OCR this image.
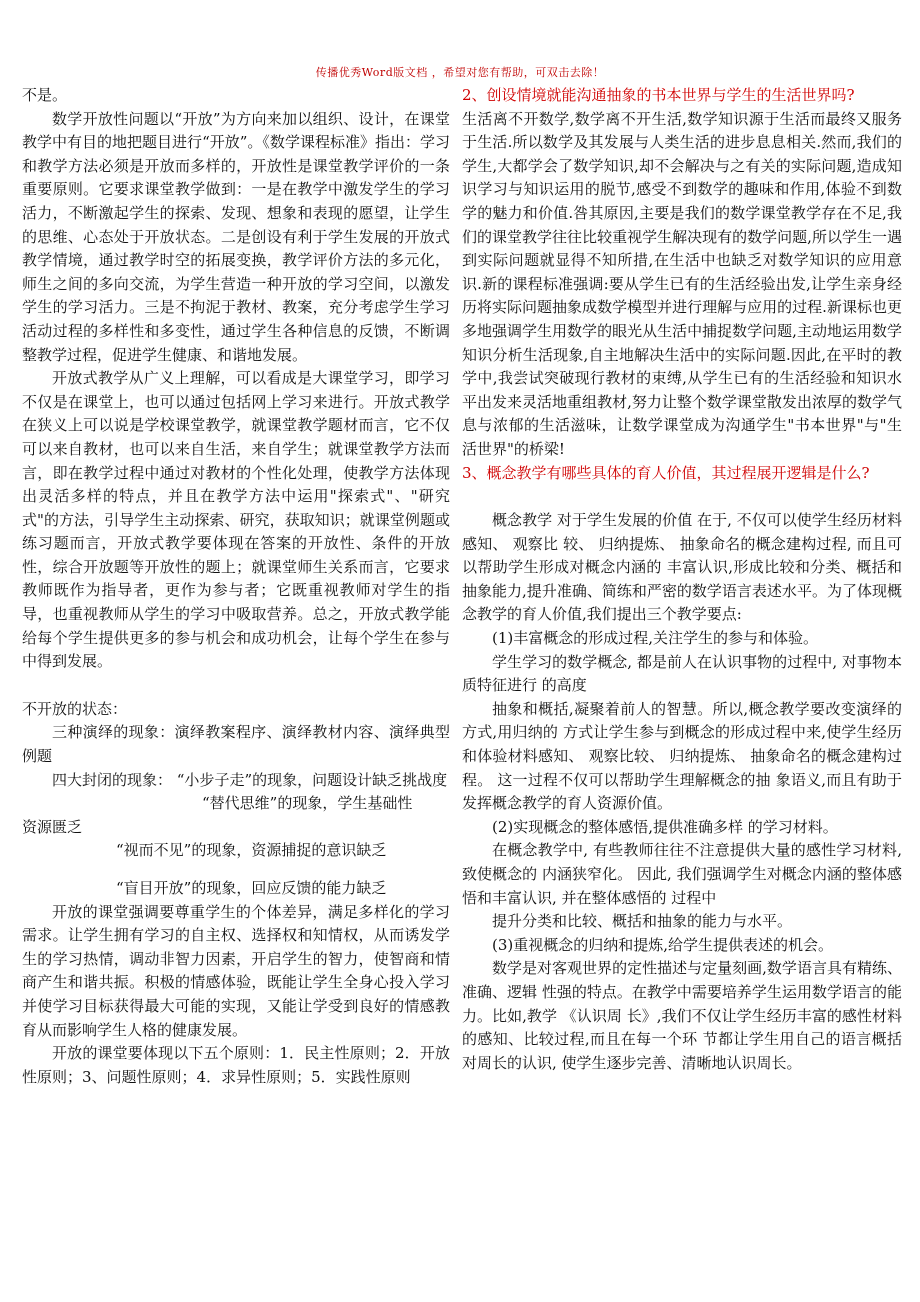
传播优秀Word版文档 ，希望对您有帮助，可双击去除！

不是。

数学开放性问题以“开放”为方向来加以组织、设计，在课堂教学中有目的地把题目进行“开放”。《数学课程标准》指出：学习和教学方法必须是开放而多样的，开放性是课堂教学评价的一条重要原则。它要求课堂教学做到：一是在教学中激发学生的学习活力，不断激起学生的探索、发现、想象和表现的愿望，让学生的思维、心态处于开放状态。二是创设有利于学生发展的开放式教学情境，通过教学时空的拓展变换，教学评价方法的多元化，师生之间的多向交流，为学生营造一种开放的学习空间，以激发学生的学习活力。三是不拘泥于教材、教案，充分考虑学生学习活动过程的多样性和多变性，通过学生各种信息的反馈，不断调整教学过程，促进学生健康、和谐地发展。

开放式教学从广义上理解，可以看成是大课堂学习，即学习不仅是在课堂上，也可以通过包括网上学习来进行。开放式教学在狭义上可以说是学校课堂教学，就课堂教学题材而言，它不仅可以来自教材，也可以来自生活，来自学生；就课堂教学方法而言，即在教学过程中通过对教材的个性化处理，使教学方法体现出灵活多样的特点，并且在教学方法中运用"探索式"、"研究式"的方法，引导学生主动探索、研究，获取知识；就课堂例题或练习题而言，开放式教学要体现在答案的开放性、条件的开放性，综合开放题等开放性的题上；就课堂师生关系而言，它要求教师既作为指导者，更作为参与者；它既重视教师对学生的指导，也重视教师从学生的学习中吸取营养。总之，开放式教学能给每个学生提供更多的参与机会和成功机会，让每个学生在参与中得到发展。

不开放的状态：

三种演绎的现象：演绎教案程序、演绎教材内容、演绎典型例题

四大封闭的现象： “小步子走”的现象，问题设计缺乏挑战度

“替代思维”的现象，学生基础性

资源匮乏

“视而不见”的现象，资源捕捉的意识缺乏

“盲目开放”的现象，回应反馈的能力缺乏

开放的课堂强调要尊重学生的个体差异，满足多样化的学习需求。让学生拥有学习的自主权、选择权和知情权，从而诱发学生的学习热情，调动非智力因素，开启学生的智力，使智商和情商产生和谐共振。积极的情感体验，既能让学生全身心投入学习并使学习目标获得最大可能的实现，又能让学受到良好的情感教育从而影响学生人格的健康发展。

开放的课堂要体现以下五个原则：1．民主性原则；2．开放性原则；3、问题性原则；4．求异性原则；5．实践性原则

2、创设情境就能沟通抽象的书本世界与学生的生活世界吗?

生活离不开数学,数学离不开生活,数学知识源于生活而最终又服务于生活.所以数学及其发展与人类生活的进步息息相关.然而,我们的学生,大都学会了数学知识,却不会解决与之有关的实际问题,造成知识学习与知识运用的脱节,感受不到数学的趣味和作用,体验不到数学的魅力和价值.咎其原因,主要是我们的数学课堂教学存在不足,我们的课堂教学往往比较重视学生解决现有的数学问题,所以学生一遇到实际问题就显得不知所措,在生活中也缺乏对数学知识的应用意识.新的课程标准强调:要从学生已有的生活经验出发,让学生亲身经历将实际问题抽象成数学模型并进行理解与应用的过程.新课标也更多地强调学生用数学的眼光从生活中捕捉数学问题,主动地运用数学知识分析生活现象,自主地解决生活中的实际问题.因此,在平时的教学中,我尝试突破现行教材的束缚,从学生已有的生活经验和知识水平出发来灵活地重组教材,努力让整个数学课堂散发出浓厚的数学气息与浓郁的生活滋味，让数学课堂成为沟通学生"书本世界"与"生活世界"的桥梁!

3、概念教学有哪些具体的育人价值，其过程展开逻辑是什么?

概念教学 对于学生发展的价值 在于, 不仅可以使学生经历材料感知、 观察比 较、 归纳提炼、 抽象命名的概念建构过程, 而且可以帮助学生形成对概念内涵的 丰富认识,形成比较和分类、概括和抽象能力,提升准确、简练和严密的数学语言表述水平。为了体现概念教学的育人价值,我们提出三个教学要点:

(1)丰富概念的形成过程,关注学生的参与和体验。

学生学习的数学概念, 都是前人在认识事物的过程中, 对事物本质特征进行 的高度

抽象和概括,凝聚着前人的智慧。所以,概念教学要改变演绎的方式,用归纳的 方式让学生参与到概念的形成过程中来,使学生经历和体验材料感知、 观察比较、 归纳提炼、 抽象命名的概念建构过程。 这一过程不仅可以帮助学生理解概念的抽 象语义,而且有助于发挥概念教学的育人资源价值。

(2)实现概念的整体感悟,提供准确多样 的学习材料。

在概念教学中, 有些教师往往不注意提供大量的感性学习材料, 致使概念的 内涵狭窄化。 因此, 我们强调学生对概念内涵的整体感悟和丰富认识, 并在整体感悟的 过程中

提升分类和比较、概括和抽象的能力与水平。

(3)重视概念的归纳和提炼,给学生提供表述的机会。

数学是对客观世界的定性描述与定量刻画,数学语言具有精练、准确、逻辑 性强的特点。在教学中需要培养学生运用数学语言的能力。比如,教学 《认识周 长》,我们不仅让学生经历丰富的感性材料的感知、比较过程,而且在每一个环 节都让学生用自己的语言概括对周长的认识, 使学生逐步完善、清晰地认识周长。
